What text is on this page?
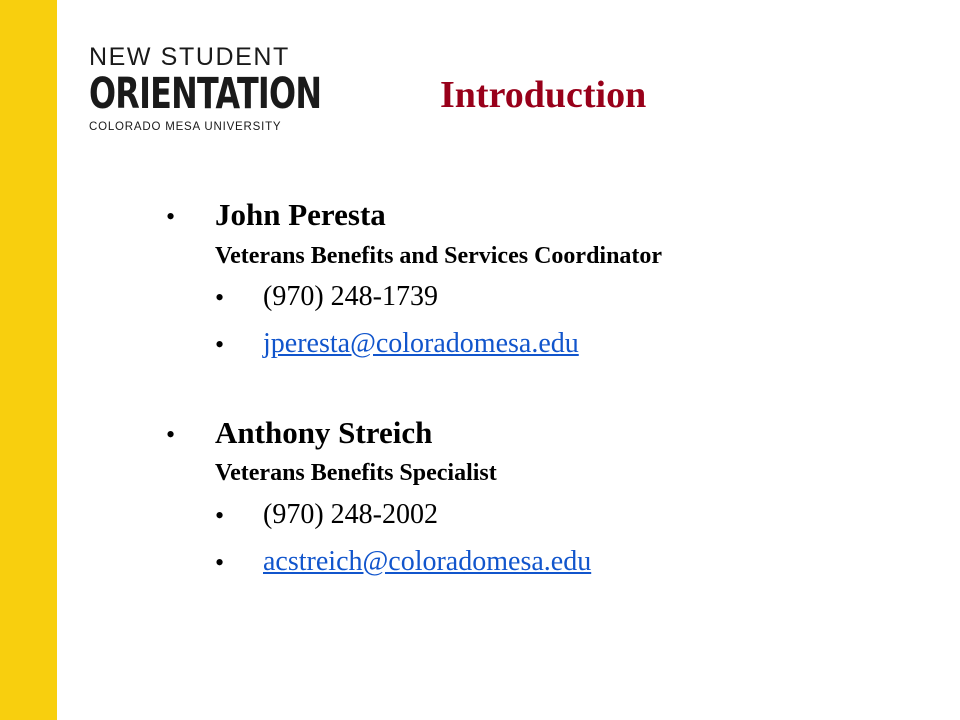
NEW STUDENT
ORIENTATION
COLORADO MESA UNIVERSITY
Introduction
• John Peresta
Veterans Benefits and Services Coordinator
• (970) 248-1739
• jperesta@coloradomesa.edu
• Anthony Streich
Veterans Benefits Specialist
• (970) 248-2002
• acstreich@coloradomesa.edu
